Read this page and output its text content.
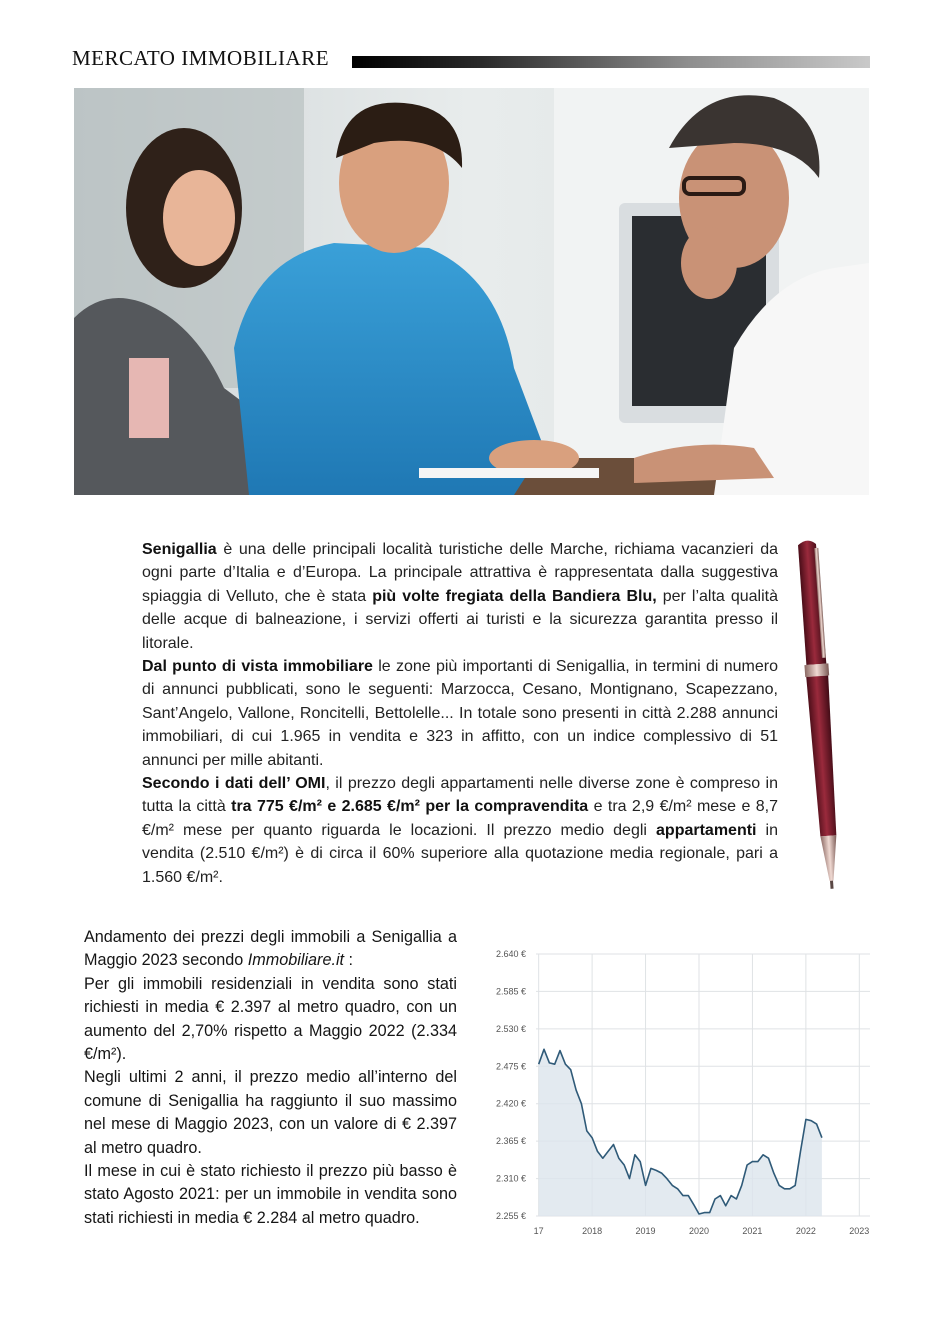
MERCATO IMMOBILIARE

Senigallia è una delle principali località turistiche delle Marche, richiama vacanzieri da ogni parte d’Italia e d’Europa. La principale attrattiva è rappresentata dalla suggestiva spiaggia di Velluto, che è stata più volte fregiata della Bandiera Blu, per l’alta qualità delle acque di balneazione, i servizi offerti ai turisti e la sicurezza garantita presso il litorale.

Dal punto di vista immobiliare le zone più importanti di Senigallia, in termini di numero di annunci pubblicati, sono le seguenti: Marzocca, Cesano, Montignano, Scapezzano, Sant’Angelo, Vallone, Roncitelli, Bettolelle... In totale sono presenti in città 2.288 annunci immobiliari, di cui 1.965 in vendita e 323 in affitto, con un indice complessivo di 51 annunci per mille abitanti.

Secondo i dati dell’ OMI, il prezzo degli appartamenti nelle diverse zone è compreso in tutta la città tra 775 €/m² e 2.685 €/m² per la compravendita e tra 2,9 €/m² mese e 8,7 €/m² mese per quanto riguarda le locazioni. Il prezzo medio degli appartamenti in vendita (2.510 €/m²) è di circa il 60% superiore alla quotazione media regionale, pari a 1.560 €/m².

Andamento dei prezzi degli immobili a Senigallia a Maggio 2023 secondo Immobiliare.it :

Per gli immobili residenziali in vendita sono stati richiesti in media € 2.397 al metro quadro, con un aumento del 2,70% rispetto a Maggio 2022 (2.334 €/m²).

Negli ultimi 2 anni, il prezzo medio all’interno del comune di Senigallia ha raggiunto il suo massimo nel mese di Maggio 2023, con un valore di € 2.397 al metro quadro.

Il mese in cui è stato richiesto il prezzo più basso è stato Agosto 2021: per un immobile in vendita sono stati richiesti in media € 2.284 al metro quadro.

2.640 €
2.585 €
2.530 €
2.475 €
2.420 €
2.365 €
2.310 €
2.255 €
17	2018	2019	2020	2021	2022	2023
